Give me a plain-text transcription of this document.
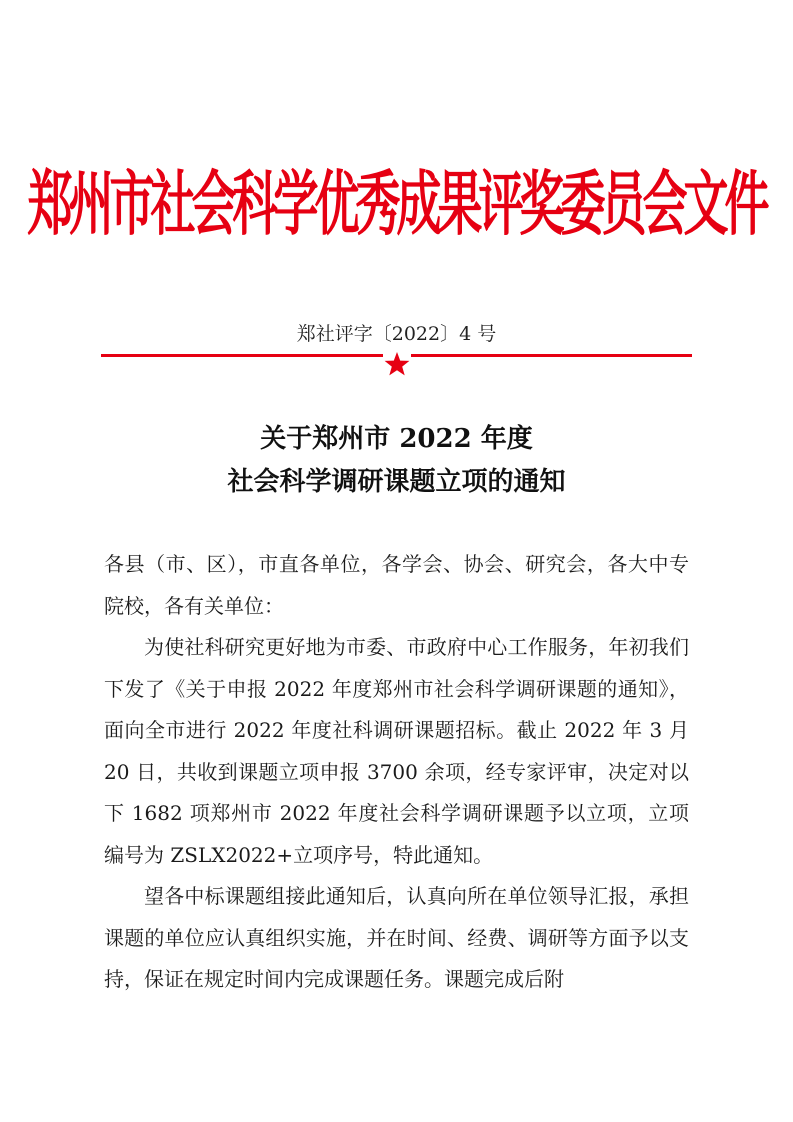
郑州市社会科学优秀成果评奖委员会文件
郑社评字〔2022〕4 号
关于郑州市 2022 年度
社会科学调研课题立项的通知

各县（市、区），市直各单位，各学会、协会、研究会，各大中专院校，各有关单位：

为使社科研究更好地为市委、市政府中心工作服务，年初我们下发了《关于申报 2022 年度郑州市社会科学调研课题的通知》，面向全市进行 2022 年度社科调研课题招标。截止 2022 年 3 月 20 日，共收到课题立项申报 3700 余项，经专家评审，决定对以下 1682 项郑州市 2022 年度社会科学调研课题予以立项，立项编号为 ZSLX2022+立项序号，特此通知。

望各中标课题组接此通知后，认真向所在单位领导汇报，承担课题的单位应认真组织实施，并在时间、经费、调研等方面予以支持，保证在规定时间内完成课题任务。课题完成后附
